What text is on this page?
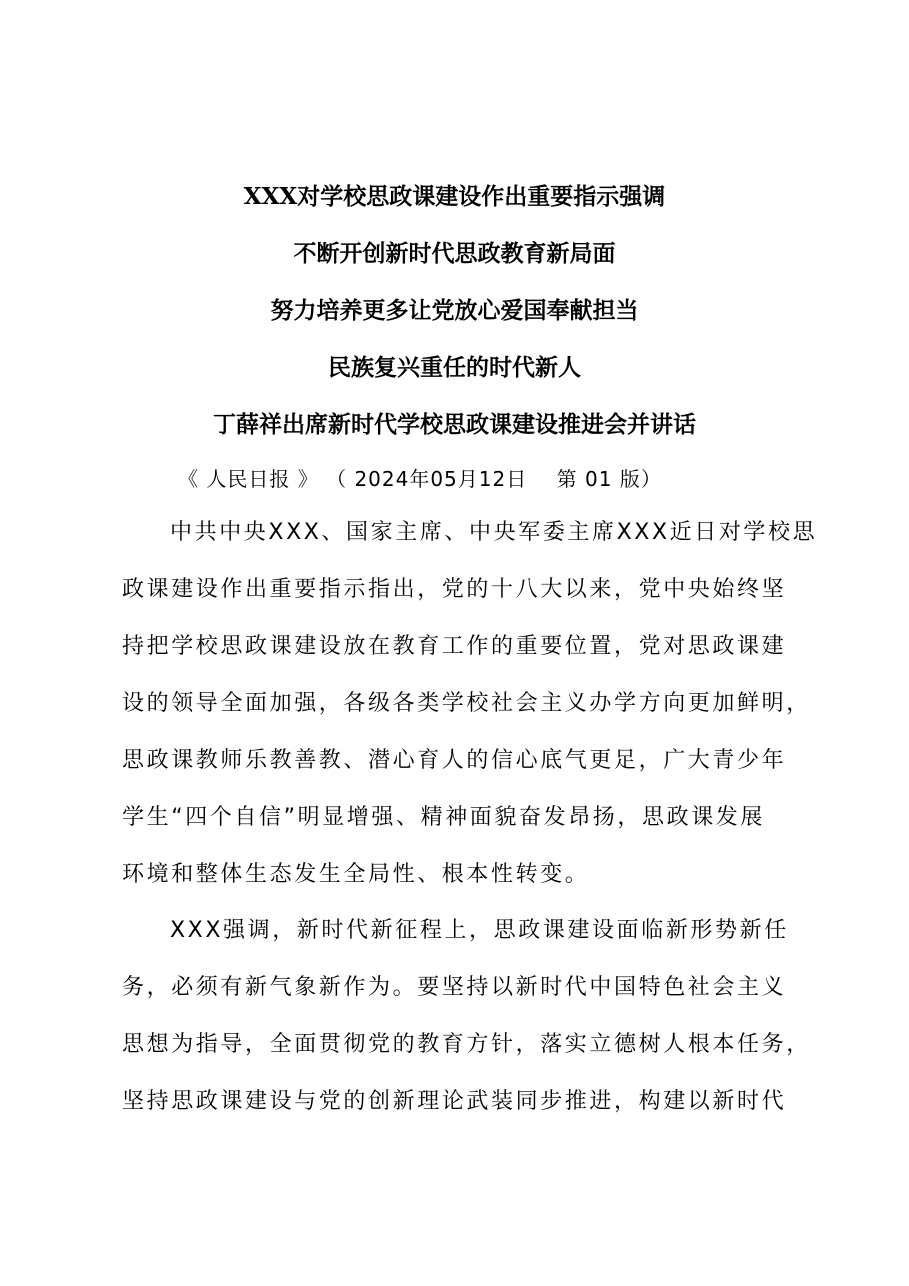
XXX对学校思政课建设作出重要指示强调
不断开创新时代思政教育新局面
努力培养更多让党放心爱国奉献担当
民族复兴重任的时代新人
丁薛祥出席新时代学校思政课建设推进会并讲话
《 人民日报 》 （ 2024年05月12日 第 01 版）
中共中央XXX、国家主席、中央军委主席XXX近日对学校思
政课建设作出重要指示指出，党的十八大以来，党中央始终坚
持把学校思政课建设放在教育工作的重要位置，党对思政课建
设的领导全面加强，各级各类学校社会主义办学方向更加鲜明，
思政课教师乐教善教、潜心育人的信心底气更足，广大青少年
学生“四个自信”明显增强、精神面貌奋发昂扬，思政课发展
环境和整体生态发生全局性、根本性转变。
XXX强调，新时代新征程上，思政课建设面临新形势新任
务，必须有新气象新作为。要坚持以新时代中国特色社会主义
思想为指导，全面贯彻党的教育方针，落实立德树人根本任务，
坚持思政课建设与党的创新理论武装同步推进，构建以新时代
